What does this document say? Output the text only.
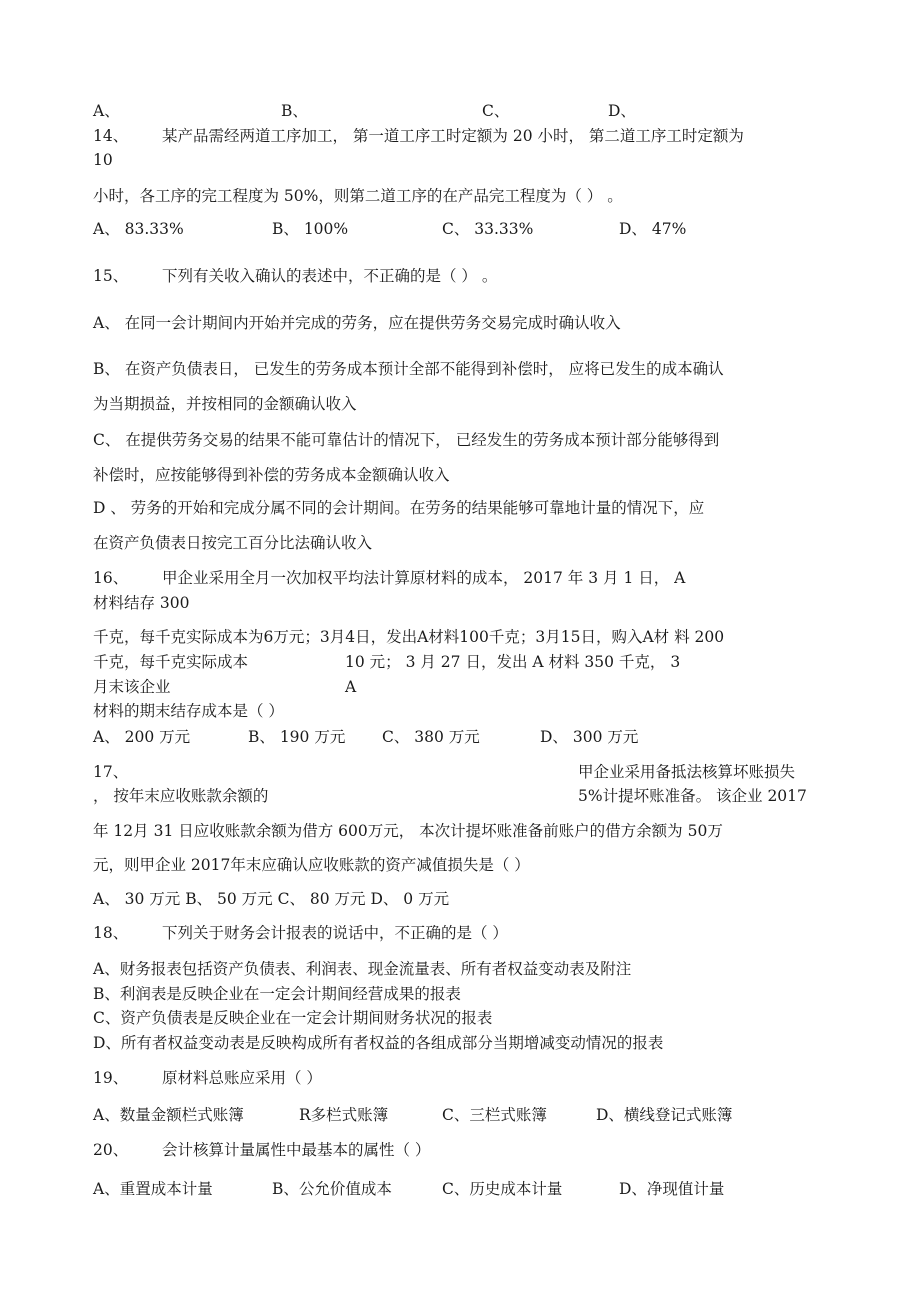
A、	B、	C、	D、
14、 某产品需经两道工序加工， 第一道工序工时定额为 20 小时， 第二道工序工时定额为
10
小时，各工序的完工程度为 50%，则第二道工序的在产品完工程度为（ ） 。
A、 83.33%	B、 100%	C、 33.33%	D、 47%
15、 下列有关收入确认的表述中，不正确的是（ ） 。
A、 在同一会计期间内开始并完成的劳务，应在提供劳务交易完成时确认收入
B、 在资产负债表日， 已发生的劳务成本预计全部不能得到补偿时， 应将已发生的成本确认
为当期损益，并按相同的金额确认收入
C、 在提供劳务交易的结果不能可靠估计的情况下， 已经发生的劳务成本预计部分能够得到
补偿时，应按能够得到补偿的劳务成本金额确认收入
D 、 劳务的开始和完成分属不同的会计期间。在劳务的结果能够可靠地计量的情况下，应
在资产负债表日按完工百分比法确认收入
16、 甲企业采用全月一次加权平均法计算原材料的成本， 2017 年 3 月 1 日， A
材料结存 300
千克，每千克实际成本为6万元；3月4日，发出A材料100千克；3月15日，购入A材 料 200
千克，每千克实际成本	10 元； 3 月 27 日，发出 A 材料 350 千克， 3
月末该企业	A
材料的期末结存成本是（ ）
A、 200 万元	B、 190 万元 C、 380 万元	D、 300 万元
17、	甲企业采用备抵法核算坏账损失
， 按年末应收账款余额的	5%计提坏账准备。 该企业 2017
年 12月 31 日应收账款余额为借方 600万元， 本次计提坏账准备前账户的借方余额为 50万
元，则甲企业 2017年末应确认应收账款的资产减值损失是（ ）
A、 30 万元 B、 50 万元 C、 80 万元 D、 0 万元
18、 下列关于财务会计报表的说话中，不正确的是（ ）
A、财务报表包括资产负债表、利润表、现金流量表、所有者权益变动表及附注
B、利润表是反映企业在一定会计期间经营成果的报表
C、资产负债表是反映企业在一定会计期间财务状况的报表
D、所有者权益变动表是反映构成所有者权益的各组成部分当期增减变动情况的报表
19、 原材料总账应采用（ ）
A、数量金额栏式账簿	R多栏式账簿	C、三栏式账簿	D、横线登记式账簿
20、 会计核算计量属性中最基本的属性（ ）
A、重置成本计量	B、公允价值成本	C、历史成本计量	D、净现值计量
